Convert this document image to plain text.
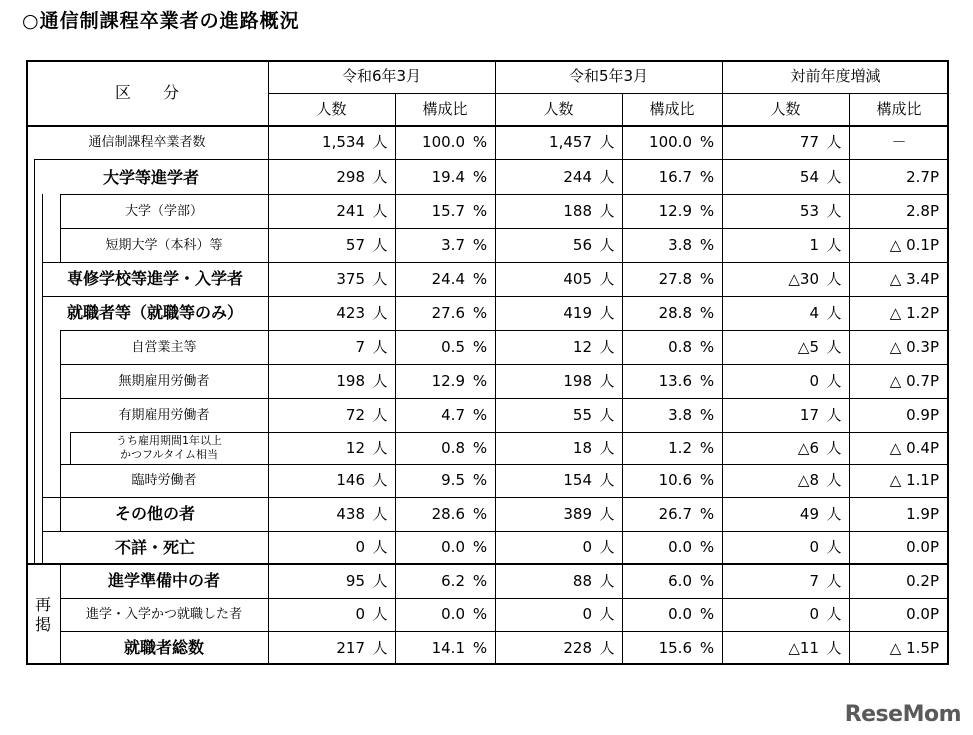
○通信制課程卒業者の進路概況
区　　分
令和6年3月	令和5年3月	対前年度増減
人数	構成比	人数	構成比	人数	構成比
再
掲
通信制課程卒業者数	1,534 人	100.0 %	1,457 人	100.0 %	77 人	－
大学等進学者	298 人	19.4 %	244 人	16.7 %	54 人	2.7P
大学（学部）	241 人	15.7 %	188 人	12.9 %	53 人	2.8P
短期大学（本科）等	57 人	3.7 %	56 人	3.8 %	1 人	△ 0.1P
専修学校等進学・入学者	375 人	24.4 %	405 人	27.8 %	△30 人	△ 3.4P
就職者等（就職等のみ）	423 人	27.6 %	419 人	28.8 %	4 人	△ 1.2P
自営業主等	7 人	0.5 %	12 人	0.8 %	△5 人	△ 0.3P
無期雇用労働者	198 人	12.9 %	198 人	13.6 %	0 人	△ 0.7P
有期雇用労働者	72 人	4.7 %	55 人	3.8 %	17 人	0.9P
うち雇用期間1年以上
かつフルタイム相当	12 人	0.8 %	18 人	1.2 %	△6 人	△ 0.4P
臨時労働者	146 人	9.5 %	154 人	10.6 %	△8 人	△ 1.1P
その他の者	438 人	28.6 %	389 人	26.7 %	49 人	1.9P
不詳・死亡	0 人	0.0 %	0 人	0.0 %	0 人	0.0P
進学準備中の者	95 人	6.2 %	88 人	6.0 %	7 人	0.2P
進学・入学かつ就職した者	0 人	0.0 %	0 人	0.0 %	0 人	0.0P
就職者総数	217 人	14.1 %	228 人	15.6 %	△11 人	△ 1.5P
ReseMom
